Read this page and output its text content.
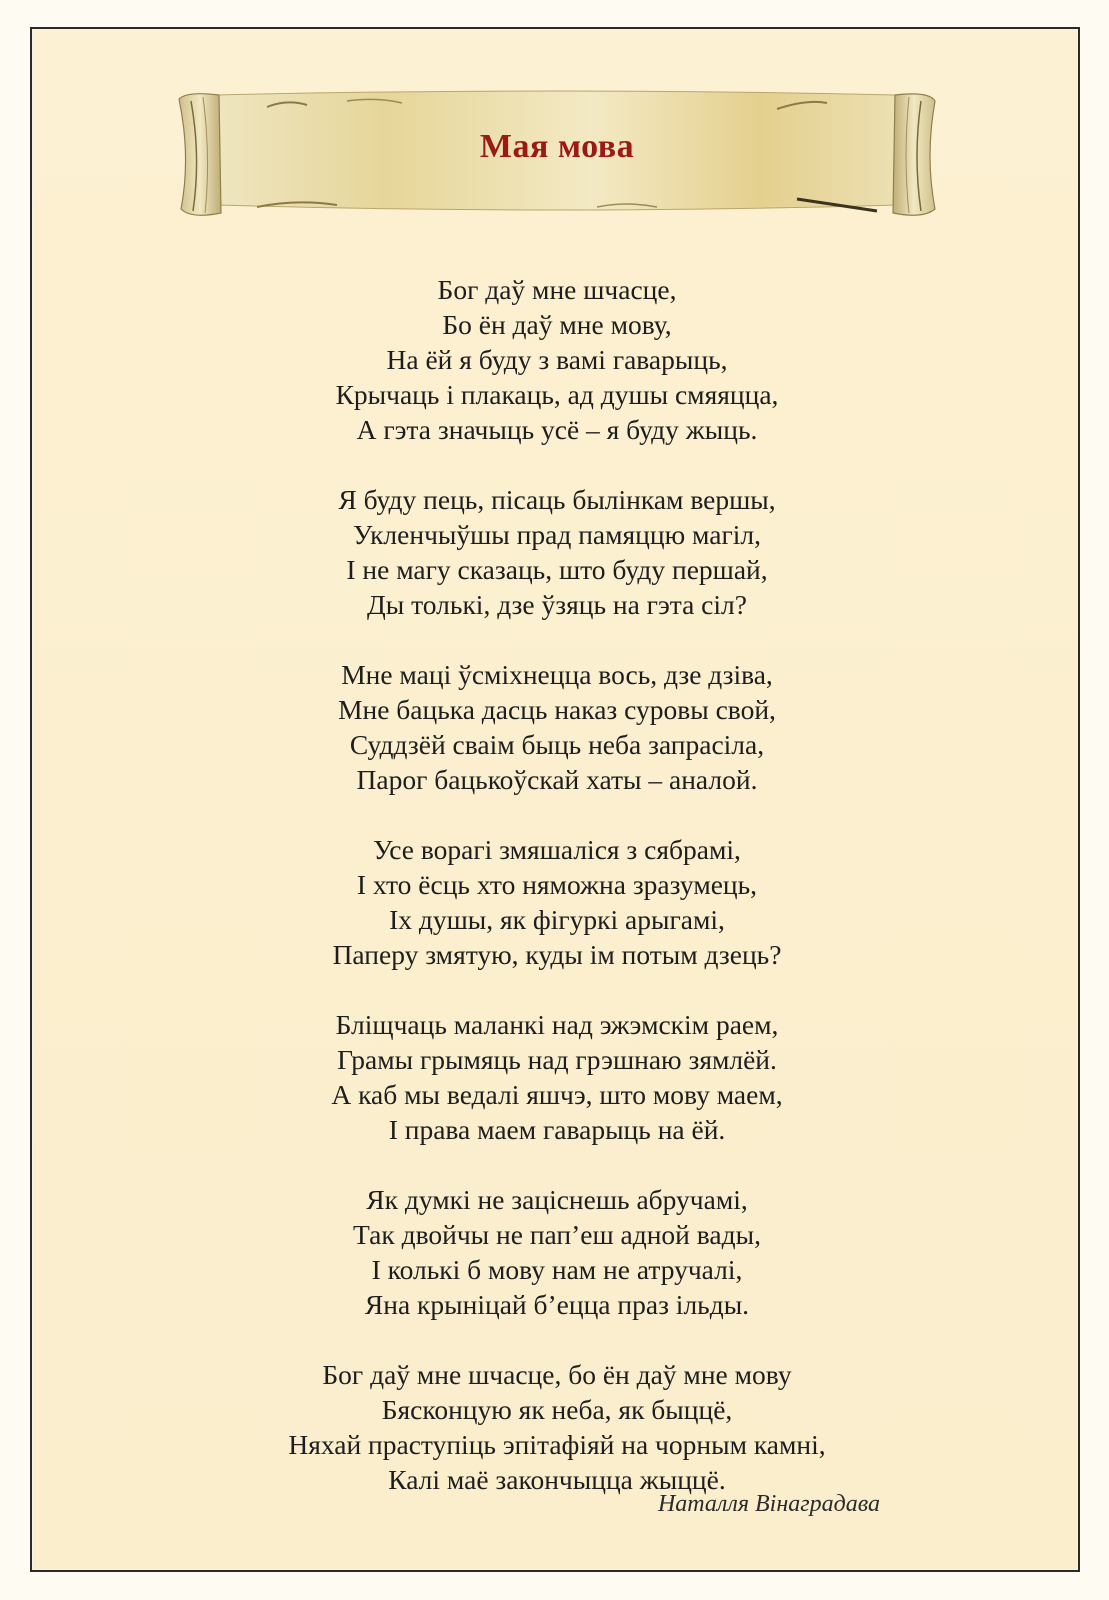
Мая мова
Бог даў мне шчасце,
Бо ён даў мне мову,
На ёй я буду з вамі гаварыць,
Крычаць і плакаць, ад душы смяяцца,
А гэта значыць усё – я буду жыць.
Я буду пець, пісаць былінкам вершы,
Укленчыўшы прад памяццю магіл,
І не магу сказаць, што буду першай,
Ды толькі, дзе ўзяць на гэта сіл?
Мне маці ўсміхнецца вось, дзе дзіва,
Мне бацька дасць наказ суровы свой,
Суддзёй сваім быць неба запрасіла,
Парог бацькоўскай хаты – аналой.
Усе ворагі змяшаліся з сябрамі,
І хто ёсць хто няможна зразумець,
Іх душы, як фігуркі арыгамі,
Паперу змятую, куды ім потым дзець?
Бліщчаць маланкі над эжэмскім раем,
Грамы грымяць над грэшнаю зямлёй.
А каб мы ведалі яшчэ, што мову маем,
І права маем гаварыць на ёй.
Як думкі не заціснешь абручамі,
Так двойчы не пап’еш адной вады,
І колькі б мову нам не атручалі,
Яна крыніцай б’ецца праз ільды.
Бог даў мне шчасце, бо ён даў мне мову
Бясконцую як неба, як быццё,
Няхай праступіць эпітафіяй на чорным камні,
Калі маё закончыцца жыццё.
Наталля Вінаградава
